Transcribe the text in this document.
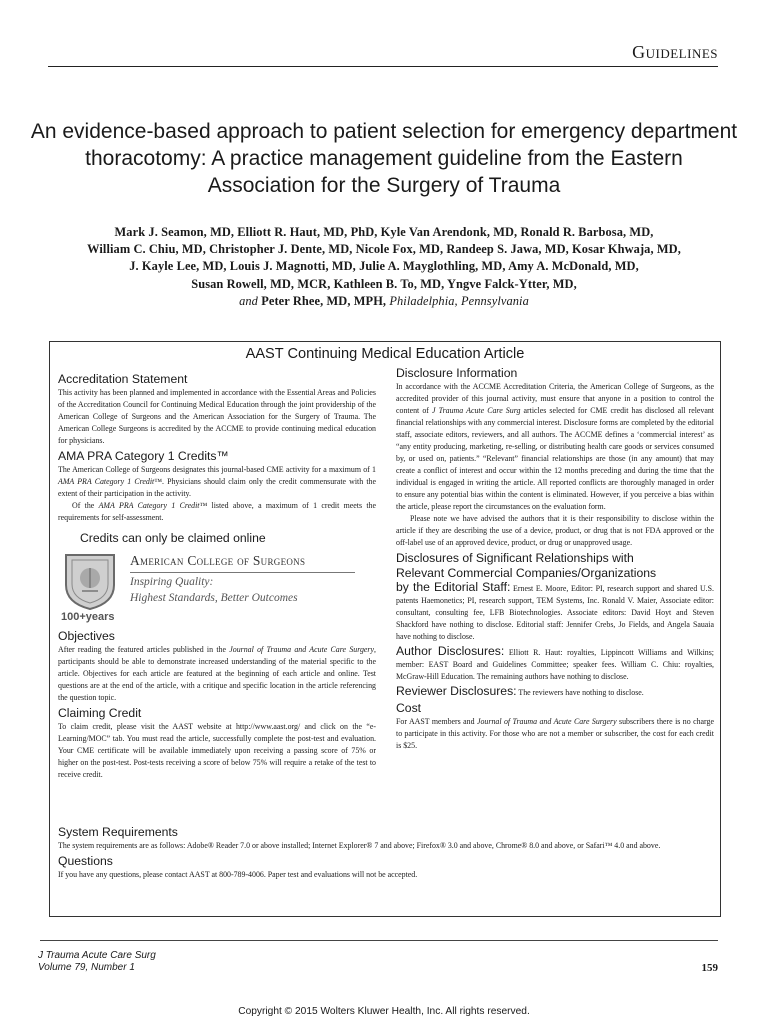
Guidelines
An evidence-based approach to patient selection for emergency department thoracotomy: A practice management guideline from the Eastern Association for the Surgery of Trauma
Mark J. Seamon, MD, Elliott R. Haut, MD, PhD, Kyle Van Arendonk, MD, Ronald R. Barbosa, MD,
William C. Chiu, MD, Christopher J. Dente, MD, Nicole Fox, MD, Randeep S. Jawa, MD, Kosar Khwaja, MD,
J. Kayle Lee, MD, Louis J. Magnotti, MD, Julie A. Mayglothling, MD, Amy A. McDonald, MD,
Susan Rowell, MD, MCR, Kathleen B. To, MD, Yngve Falck-Ytter, MD,
and Peter Rhee, MD, MPH, Philadelphia, Pennsylvania
AAST Continuing Medical Education Article
Accreditation Statement

This activity has been planned and implemented in accordance with the Essential Areas and Policies of the Accreditation Council for Continuing Medical Education through the joint providership of the American College of Surgeons and the American Association for the Surgery of Trauma. The American College Surgeons is accredited by the ACCME to provide continuing medical education for physicians.

AMA PRA Category 1 Credits™

The American College of Surgeons designates this journal-based CME activity for a maximum of 1 AMA PRA Category 1 Credit™. Physicians should claim only the credit commensurate with the extent of their participation in the activity.

Of the AMA PRA Category 1 Credit™ listed above, a maximum of 1 credit meets the requirements for self-assessment.

Credits can only be claimed online
100+years
American College of Surgeons
Inspiring Quality:
Highest Standards, Better Outcomes
Objectives

After reading the featured articles published in the Journal of Trauma and Acute Care Surgery, participants should be able to demonstrate increased understanding of the material specific to the article. Objectives for each article are featured at the beginning of each article and online. Test questions are at the end of the article, with a critique and specific location in the article referencing the question topic.

Claiming Credit

To claim credit, please visit the AAST website at http://www.aast.org/ and click on the “e-Learning/MOC” tab. You must read the article, successfully complete the post-test and evaluation. Your CME certificate will be available immediately upon receiving a passing score of 75% or higher on the post-test. Post-tests receiving a score of below 75% will require a retake of the test to receive credit.

Disclosure Information

In accordance with the ACCME Accreditation Criteria, the American College of Surgeons, as the accredited provider of this journal activity, must ensure that anyone in a position to control the content of J Trauma Acute Care Surg articles selected for CME credit has disclosed all relevant financial relationships with any commercial interest. Disclosure forms are completed by the editorial staff, associate editors, reviewers, and all authors. The ACCME defines a ‘commercial interest’ as “any entity producing, marketing, re-selling, or distributing health care goods or services consumed by, or used on, patients.” “Relevant” financial relationships are those (in any amount) that may create a conflict of interest and occur within the 12 months preceding and during the time that the individual is engaged in writing the article. All reported conflicts are thoroughly managed in order to ensure any potential bias within the content is eliminated. However, if you perceive a bias within the article, please report the circumstances on the evaluation form.

Please note we have advised the authors that it is their responsibility to disclose within the article if they are describing the use of a device, product, or drug that is not FDA approved or the off-label use of an approved device, product, or drug or unapproved usage.

Disclosures of Significant Relationships with
Relevant Commercial Companies/Organizations

by the Editorial Staff: Ernest E. Moore, Editor: PI, research support and shared U.S. patents Haemonetics; PI, research support, TEM Systems, Inc. Ronald V. Maier, Associate editor: consultant, consulting fee, LFB Biotechnologies. Associate editors: David Hoyt and Steven Shackford have nothing to disclose. Editorial staff: Jennifer Crebs, Jo Fields, and Angela Sauaia have nothing to disclose.

Author Disclosures: Elliott R. Haut: royalties, Lippincott Williams and Wilkins; member: EAST Board and Guidelines Committee; speaker fees. William C. Chiu: royalties, McGraw-Hill Education. The remaining authors have nothing to disclose.

Reviewer Disclosures: The reviewers have nothing to disclose.

Cost

For AAST members and Journal of Trauma and Acute Care Surgery subscribers there is no charge to participate in this activity. For those who are not a member or subscriber, the cost for each credit is $25.

System Requirements

The system requirements are as follows: Adobe® Reader 7.0 or above installed; Internet Explorer® 7 and above; Firefox® 3.0 and above, Chrome® 8.0 and above, or Safari™ 4.0 and above.

Questions

If you have any questions, please contact AAST at 800-789-4006. Paper test and evaluations will not be accepted.

J Trauma Acute Care Surg
Volume 79, Number 1	159
Copyright © 2015 Wolters Kluwer Health, Inc. All rights reserved.
